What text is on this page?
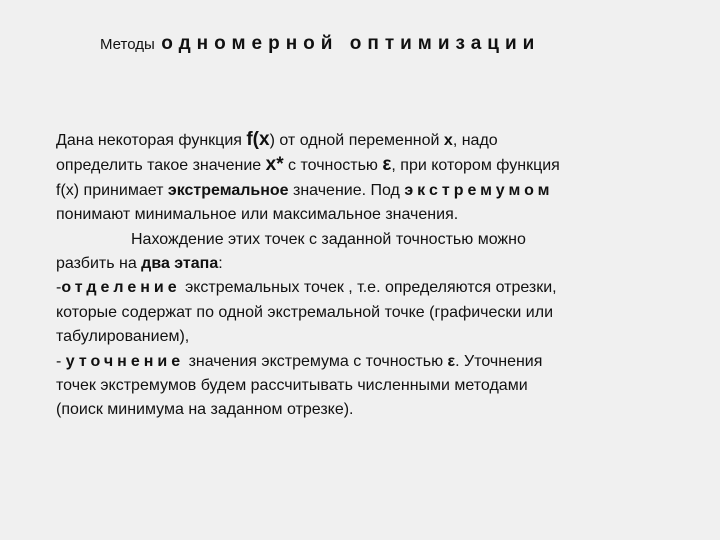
Методы одномерной оптимизации
Дана некоторая функция f(x) от одной переменной x, надо
определить такое значение x* с точностью ε, при котором функция
f(x) принимает экстремальное значение. Под экстремумом
понимают минимальное или максимальное значения.
Нахождение этих точек с заданной точностью можно
разбить на два этапа:
-отделение экстремальных точек , т.е. определяются отрезки,
которые содержат по одной экстремальной точке (графически или
табулированием),
- уточнение значения экстремума с точностью ε. Уточнения
точек экстремумов будем рассчитывать численными методами
(поиск минимума на заданном отрезке).
